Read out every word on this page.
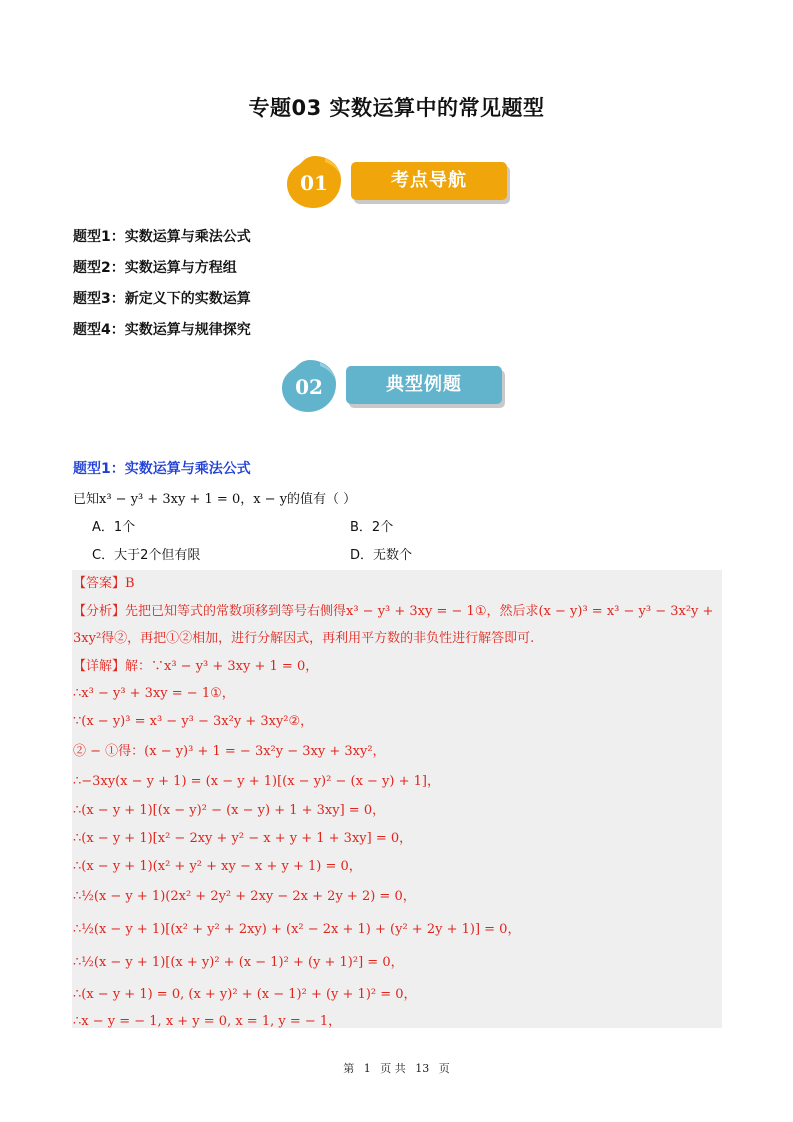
专题03 实数运算中的常见题型
01	考点导航
题型1：实数运算与乘法公式
题型2：实数运算与方程组
题型3：新定义下的实数运算
题型4：实数运算与规律探究
02	典型例题
题型1：实数运算与乘法公式
已知x³ − y³ + 3xy + 1 = 0，x − y的值有（ ）
A．1个	B．2个
C．大于2个但有限	D．无数个
【答案】B
【分析】先把已知等式的常数项移到等号右侧得x³ − y³ + 3xy = − 1①，然后求(x − y)³ = x³ − y³ − 3x²y +
3xy²得②，再把①②相加，进行分解因式，再利用平方数的非负性进行解答即可.
【详解】解：∵x³ − y³ + 3xy + 1 = 0，
∴x³ − y³ + 3xy = − 1①，
∵(x − y)³ = x³ − y³ − 3x²y + 3xy²②，
② − ①得：(x − y)³ + 1 = − 3x²y − 3xy + 3xy²，
∴−3xy(x − y + 1) = (x − y + 1)[(x − y)² − (x − y) + 1]，
∴(x − y + 1)[(x − y)² − (x − y) + 1 + 3xy] = 0，
∴(x − y + 1)[x² − 2xy + y² − x + y + 1 + 3xy] = 0，
∴(x − y + 1)(x² + y² + xy − x + y + 1) = 0，
∴½(x − y + 1)(2x² + 2y² + 2xy − 2x + 2y + 2) = 0，
∴½(x − y + 1)[(x² + y² + 2xy) + (x² − 2x + 1) + (y² + 2y + 1)] = 0，
∴½(x − y + 1)[(x + y)² + (x − 1)² + (y + 1)²] = 0，
∴(x − y + 1) = 0, (x + y)² + (x − 1)² + (y + 1)² = 0，
∴x − y = − 1, x + y = 0, x = 1, y = − 1，
第 1 页 共 13 页
